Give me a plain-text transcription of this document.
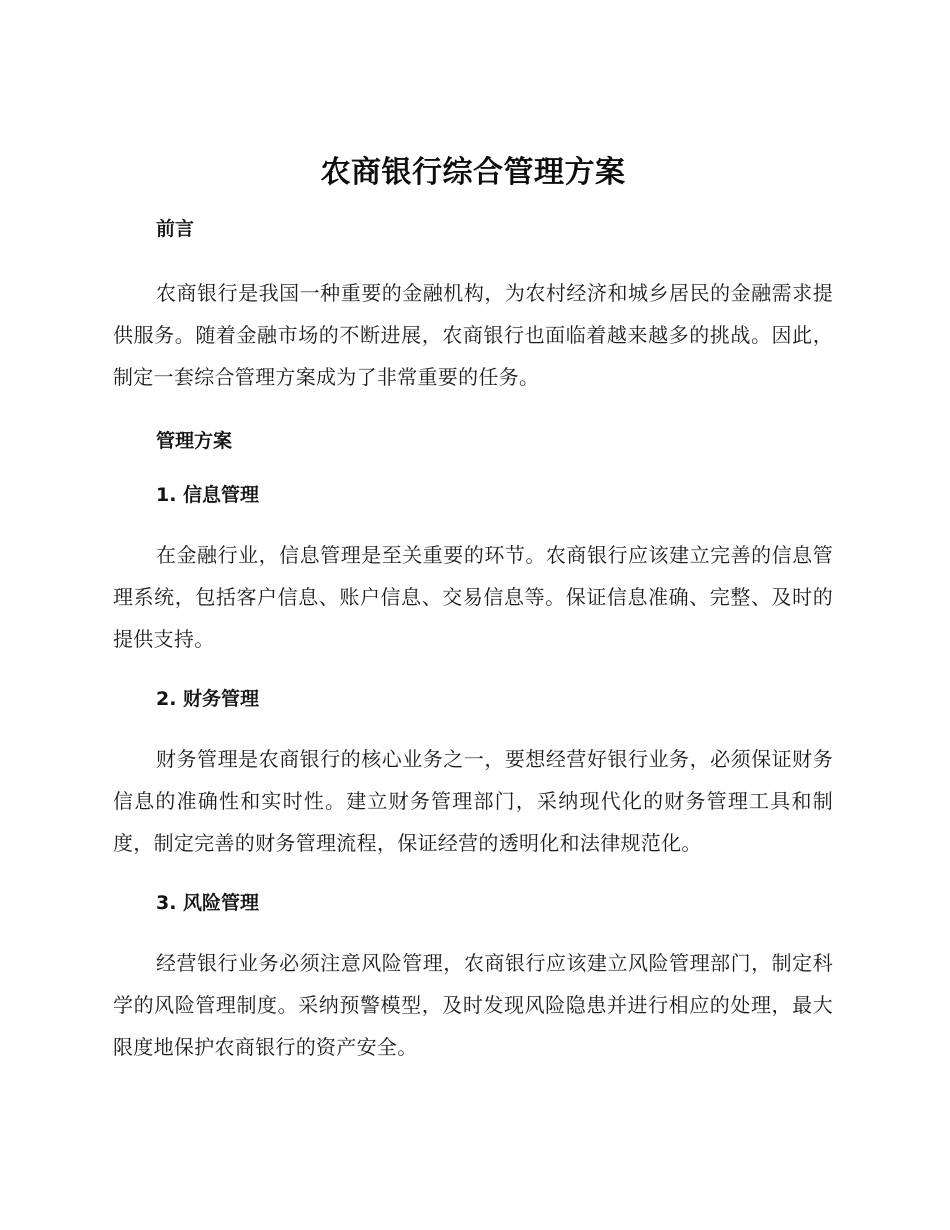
农商银行综合管理方案
前言

农商银行是我国一种重要的金融机构，为农村经济和城乡居民的金融需求提供服务。随着金融市场的不断进展，农商银行也面临着越来越多的挑战。因此，制定一套综合管理方案成为了非常重要的任务。

管理方案
1. 信息管理

在金融行业，信息管理是至关重要的环节。农商银行应该建立完善的信息管理系统，包括客户信息、账户信息、交易信息等。保证信息准确、完整、及时的提供支持。

2. 财务管理

财务管理是农商银行的核心业务之一，要想经营好银行业务，必须保证财务信息的准确性和实时性。建立财务管理部门，采纳现代化的财务管理工具和制度，制定完善的财务管理流程，保证经营的透明化和法律规范化。

3. 风险管理

经营银行业务必须注意风险管理，农商银行应该建立风险管理部门，制定科学的风险管理制度。采纳预警模型，及时发现风险隐患并进行相应的处理，最大限度地保护农商银行的资产安全。
